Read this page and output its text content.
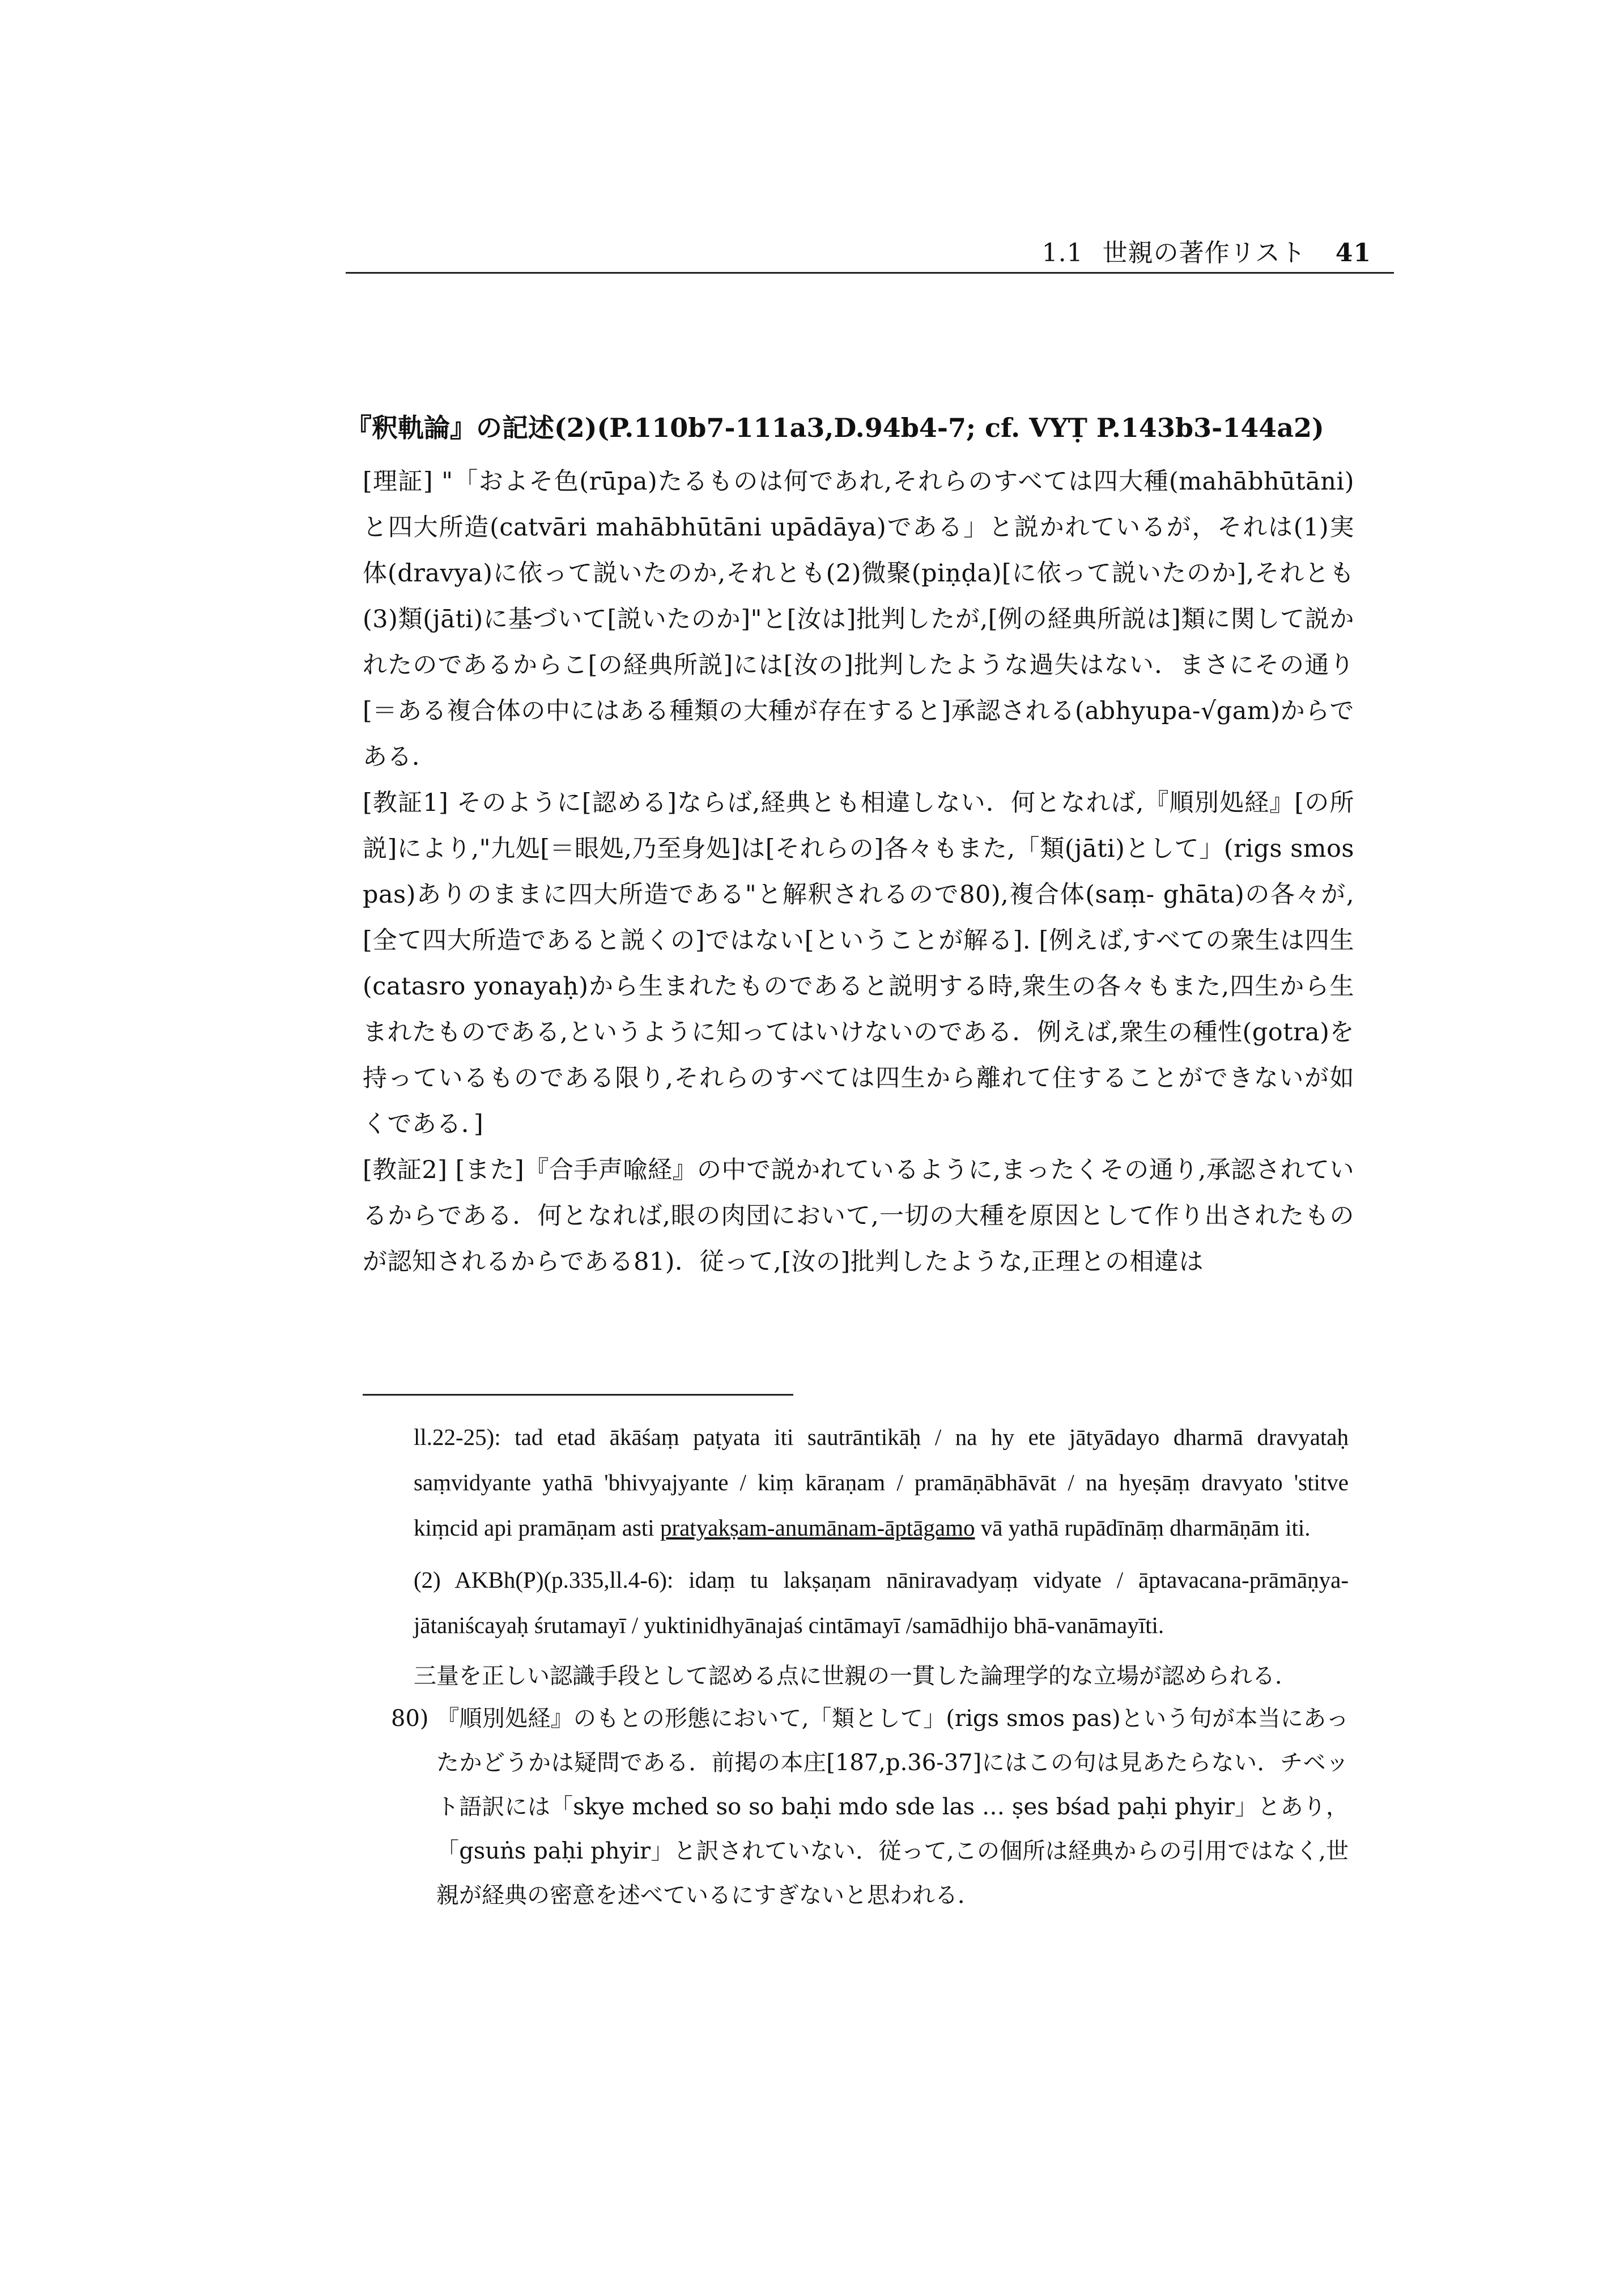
1.1 世親の著作リスト 41
『釈軌論』の記述(2)(P.110b7-111a3,D.94b4-7; cf. VYṬ P.143b3-144a2)

[理証] "「およそ色(rūpa)たるものは何であれ,それらのすべては四大種(mahābhūtāni) と四大所造(catvāri mahābhūtāni upādāya)である」と説かれているが，それは(1)実体(dravya)に依って説いたのか,それとも(2)微聚(piṇḍa)[に依って説いたのか],それとも(3)類(jāti)に基づいて[説いたのか]"と[汝は]批判したが,[例の経典所説は]類に関して説かれたのであるからこ[の経典所説]には[汝の]批判したような過失はない．まさにその通り[＝ある複合体の中にはある種類の大種が存在すると]承認される(abhyupa-√gam)からである．

[教証1] そのように[認める]ならば,経典とも相違しない．何となれば,『順別処経』[の所説]により,"九処[＝眼処,乃至身処]は[それらの]各々もまた,「類(jāti)として」(rigs smos pas)ありのままに四大所造である"と解釈されるので80),複合体(saṃ- ghāta)の各々が,[全て四大所造であると説くの]ではない[ということが解る]. [例えば,すべての衆生は四生(catasro yonayaḥ)から生まれたものであると説明する時,衆生の各々もまた,四生から生まれたものである,というように知ってはいけないのである．例えば,衆生の種性(gotra)を持っているものである限り,それらのすべては四生から離れて住することができないが如くである．]

[教証2] [また]『合手声喩経』の中で説かれているように,まったくその通り,承認されているからである．何となれば,眼の肉団において,一切の大種を原因として作り出されたものが認知されるからである81)．従って,[汝の]批判したような,正理との相違は

ll.22-25): tad etad ākāśaṃ paṭyata iti sautrāntikāḥ / na hy ete jātyādayo dharmā dravyataḥ saṃvidyante yathā 'bhivyajyante / kiṃ kāraṇam / pramāṇābhāvāt / na hyeṣāṃ dravyato 'stitve kiṃcid api pramāṇam asti pratyakṣam-anumānam-āptāgamo vā yathā rupādīnāṃ dharmāṇām iti.

(2) AKBh(P)(p.335,ll.4-6): idaṃ tu lakṣaṇam nāniravadyaṃ vidyate / āptavacana-prāmāṇya-jātaniścayaḥ śrutamayī / yuktinidhyānajaś cintāmayī /samādhijo bhā-vanāmayīti.

三量を正しい認識手段として認める点に世親の一貫した論理学的な立場が認められる．

80) 『順別処経』のもとの形態において,「類として」(rigs smos pas)という句が本当にあったかどうかは疑問である．前掲の本庄[187,p.36-37]にはこの句は見あたらない．チベット語訳には「skye mched so so baḥi mdo sde las … ṣes bśad paḥi phyir」とあり，「gsuṅs paḥi phyir」と訳されていない．従って,この個所は経典からの引用ではなく,世親が経典の密意を述べているにすぎないと思われる．
